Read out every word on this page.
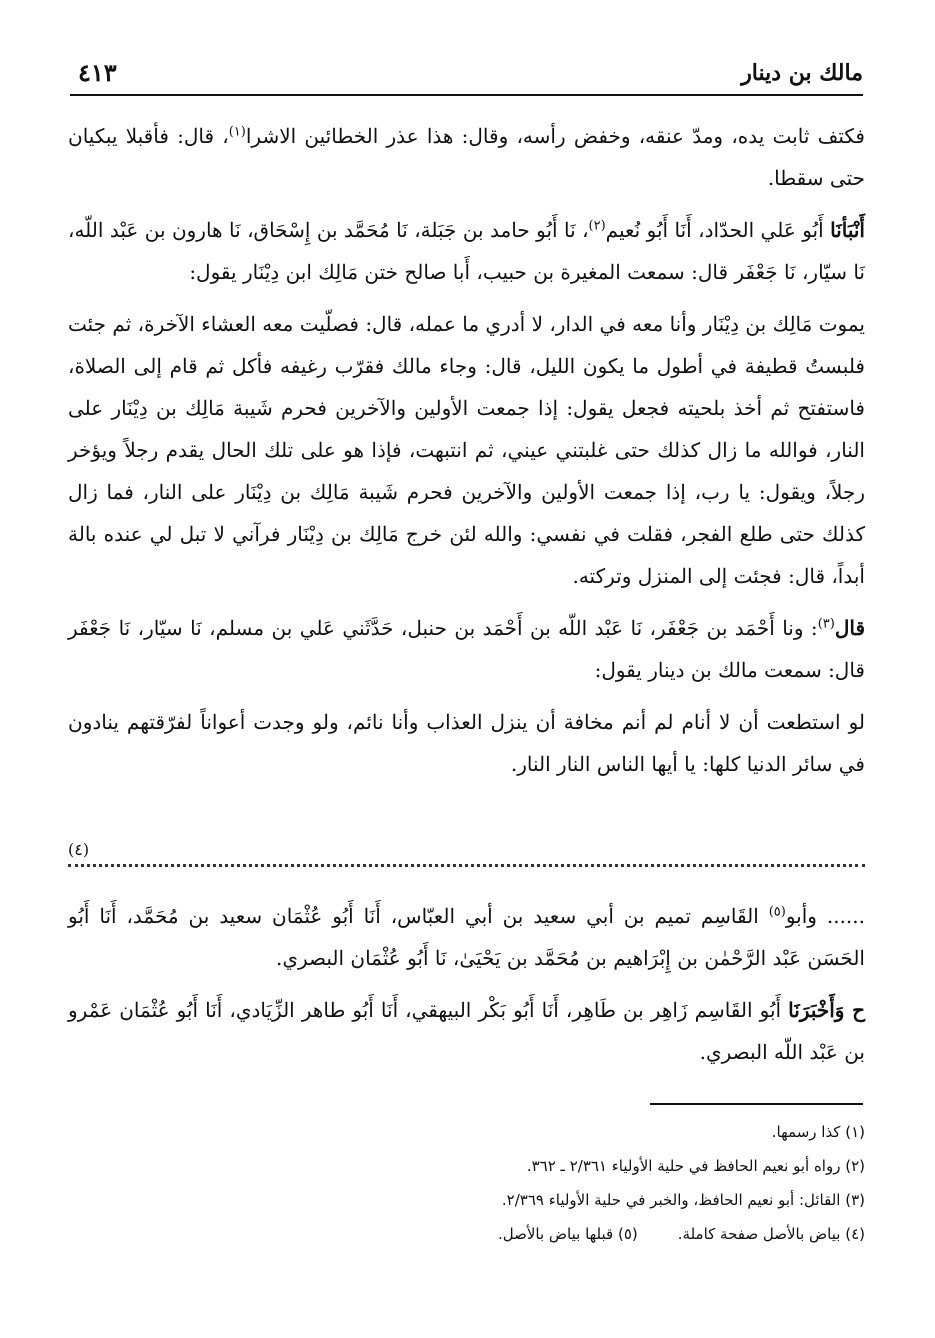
٤١٣	مالك بن دينار

فكتف ثابت يده، ومدّ عنقه، وخفض رأسه، وقال: هذا عذر الخطائين الاشرا$^{(١)}$، قال: فأقبلا يبكيان حتى سقطا.

أَنْبَأنَا أَبُو عَلي الحدّاد، أَنَا أَبُو نُعيم$^{(٢)}$، نَا أَبُو حامد بن جَبَلة، نَا مُحَمَّد بن إِسْحَاق، نَا هارون بن عَبْد اللّه، نَا سيّار، نَا جَعْفَر قال: سمعت المغيرة بن حبيب، أَبا صالح ختن مَالِك ابن دِيْنَار يقول:

يموت مَالِك بن دِيْنَار وأنا معه في الدار، لا أدري ما عمله، قال: فصلّيت معه العشاء الآخرة، ثم جئت فلبستُ قطيفة في أطول ما يكون الليل، قال: وجاء مالك فقرّب رغيفه فأكل ثم قام إلى الصلاة، فاستفتح ثم أخذ بلحيته فجعل يقول: إذا جمعت الأولين والآخرين فحرم شَيبة مَالِك بن دِيْنَار على النار، فوالله ما زال كذلك حتى غلبتني عيني، ثم انتبهت، فإذا هو على تلك الحال يقدم رجلاً ويؤخر رجلاً، ويقول: يا رب، إذا جمعت الأولين والآخرين فحرم شَيبة مَالِك بن دِيْنَار على النار، فما زال كذلك حتى طلع الفجر، فقلت في نفسي: والله لئن خرج مَالِك بن دِيْنَار فرآني لا تبل لي عنده بالة أبداً، قال: فجئت إلى المنزل وتركته.

قال$^{(٣)}$: ونا أَحْمَد بن جَعْفَر، نَا عَبْد اللّه بن أَحْمَد بن حنبل، حَدَّثَني عَلي بن مسلم، نَا سيّار، نَا جَعْفَر قال: سمعت مالك بن دينار يقول:

لو استطعت أن لا أنام لم أنم مخافة أن ينزل العذاب وأنا نائم، ولو وجدت أعواناً لفرّقتهم ينادون في سائر الدنيا كلها: يا أيها الناس النار النار.

(٤)

...... وأبو$^{(٥)}$ القَاسِم تميم بن أبي سعيد بن أبي العبّاس، أَنَا أَبُو عُثْمَان سعيد بن مُحَمَّد، أَنَا أَبُو الحَسَن عَبْد الرَّحْمٰن بن إِبْرَاهيم بن مُحَمَّد بن يَحْيَىٰ، نَا أَبُو عُثْمَان البصري.

ح وَأَخْبَرَنَا أَبُو القَاسِم زَاهِر بن طَاهِر، أَنَا أَبُو بَكْر البيهقي، أَنَا أَبُو طاهر الزِّيَادي، أَنَا أَبُو عُثْمَان عَمْرو بن عَبْد اللّه البصري.

(١) كذا رسمها.
(٢) رواه أبو نعيم الحافظ في حلية الأولياء ٢/٣٦١ ـ ٣٦٢.
(٣) القائل: أبو نعيم الحافظ، والخبر في حلية الأولياء ٢/٣٦٩.
(٤) بياض بالأصل صفحة كاملة.
(٥) قبلها بياض بالأصل.
